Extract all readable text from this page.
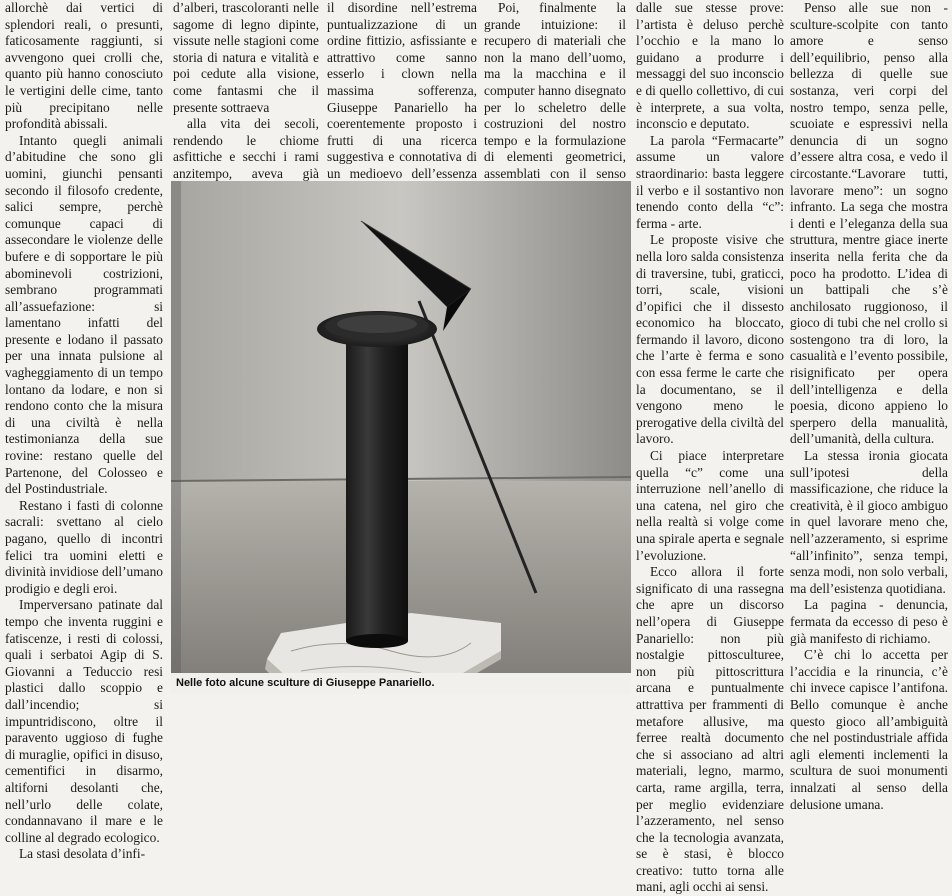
allorchè dai vertici di splendori reali, o presunti, faticosamente raggiunti, si avvengono quei crolli che, quanto più hanno conosciuto le vertigini delle cime, tanto più precipitano nelle profondità abissali.

Intanto quegli animali d’abitudine che sono gli uomini, giunchi pensanti secondo il filosofo credente, salici sempre, perchè comunque capaci di assecondare le violenze delle bufere e di sopportare le più abominevoli costrizioni, sembrano programmati all’assuefazione: si lamentano infatti del presente e lodano il passato per una innata pulsione al vagheggiamento di un tempo lontano da lodare, e non si rendono conto che la misura di una civiltà è nella testimonianza della sue rovine: restano quelle del Partenone, del Colosseo e del Postindustriale.

Restano i fasti di colonne sacrali: svettano al cielo pagano, quello di incontri felici tra uomini eletti e divinità invidiose dell’umano prodigio e degli eroi.

Imperversano patinate dal tempo che inventa ruggini e fatiscenze, i resti di colossi, quali i serbatoi Agip di S. Giovanni a Teduccio resi plastici dallo scoppio e dall’incendio; si impuntridiscono, oltre il paravento uggioso di fughe di muraglie, opifici in disuso, cementifici in disarmo, altiforni desolanti che, nell’urlo delle colate, condannavano il mare e le colline al degrado ecologico.

La stasi desolata d’infi-

d’alberi, trascoloranti nelle sagome di legno dipinte, vissute nelle stagioni come storia di natura e vitalità e poi cedute alla visione, come fantasmi che il presente sottraeva

alla vita dei secoli, rendendo le chiome asfittiche e secchi i rami anzitempo, aveva già

il disordine nell’estrema puntualizzazione di un ordine fittizio, asfissiante e attrattivo come sanno esserlo i clown nella massima sofferenza, Giuseppe Panariello ha coerentemente proposto i frutti di una ricerca suggestiva e connotativa di un medioevo dell’essenza

Poi, finalmente la grande intuizione: il recupero di materiali che non la mano dell’uomo, ma la macchina e il computer hanno disegnato per lo scheletro delle costruzioni del nostro tempo e la formulazione di elementi geometrici, assemblati con il senso

dalle sue stesse prove: l’artista è deluso perchè l’occhio e la mano lo guidano a produrre i messaggi del suo inconscio e di quello collettivo, di cui è interprete, a sua volta, inconscio e deputato.

La parola “Fermacarte” assume un valore straordinario: basta leggere il verbo e il sostantivo non tenendo conto della “c”: ferma - arte.

Le proposte visive che nella loro salda consistenza di traversine, tubi, graticci, torri, scale, visioni d’opifici che il dissesto economico ha bloccato, fermando il lavoro, dicono che l’arte è ferma e sono con essa ferme le carte che la documentano, se il vengono meno le prerogative della civiltà del lavoro.

Ci piace interpretare quella “c” come una interruzione nell’anello di una catena, nel giro che nella realtà si volge come una spirale aperta e segnale l’evoluzione.

Ecco allora il forte significato di una rassegna che apre un discorso nell’opera di Giuseppe Panariello: non più nostalgie pittosculturee, non più pittoscrittura arcana e puntualmente attrattiva per frammenti di metafore allusive, ma ferree realtà documento che si associano ad altri materiali, legno, marmo, carta, rame argilla, terra, per meglio evidenziare l’azzeramento, nel senso che la tecnologia avanzata, se è stasi, è blocco creativo: tutto torna alle mani, agli occhi ai sensi.

Penso alle sue non - sculture-scolpite con tanto amore e senso dell’equilibrio, penso alla bellezza di quelle sue sostanza, veri corpi del nostro tempo, senza pelle, scuoiate e espressivi nella denuncia di un sogno d’essere altra cosa, e vedo il circostante.“Lavorare tutti, lavorare meno”: un sogno infranto. La sega che mostra i denti e l’eleganza della sua struttura, mentre giace inerte inserita nella ferita che da poco ha prodotto. L’idea di un battipali che s’è anchilosato ruggionoso, il gioco di tubi che nel crollo si sostengono tra di loro, la casualità e l’evento possibile, risignificato per opera dell’intelligenza e della poesia, dicono appieno lo sperpero della manualità, dell’umanità, della cultura.

La stessa ironia giocata sull’ipotesi della massificazione, che riduce la creatività, è il gioco ambiguo in quel lavorare meno che, nell’azzeramento, si esprime “all’infinito”, senza tempi, senza modi, non solo verbali, ma dell’esistenza quotidiana.

La pagina - denuncia, fermata da eccesso di peso è già manifesto di richiamo.

C’è chi lo accetta per l’accidia e la rinuncia, c’è chi invece capisce l’antifona. Bello comunque è anche questo gioco all’ambiguità che nel postindustriale affida agli elementi inclementi la scultura de suoi monumenti innalzati al senso della delusione umana.

Nelle foto alcune sculture di Giuseppe Panariello.
